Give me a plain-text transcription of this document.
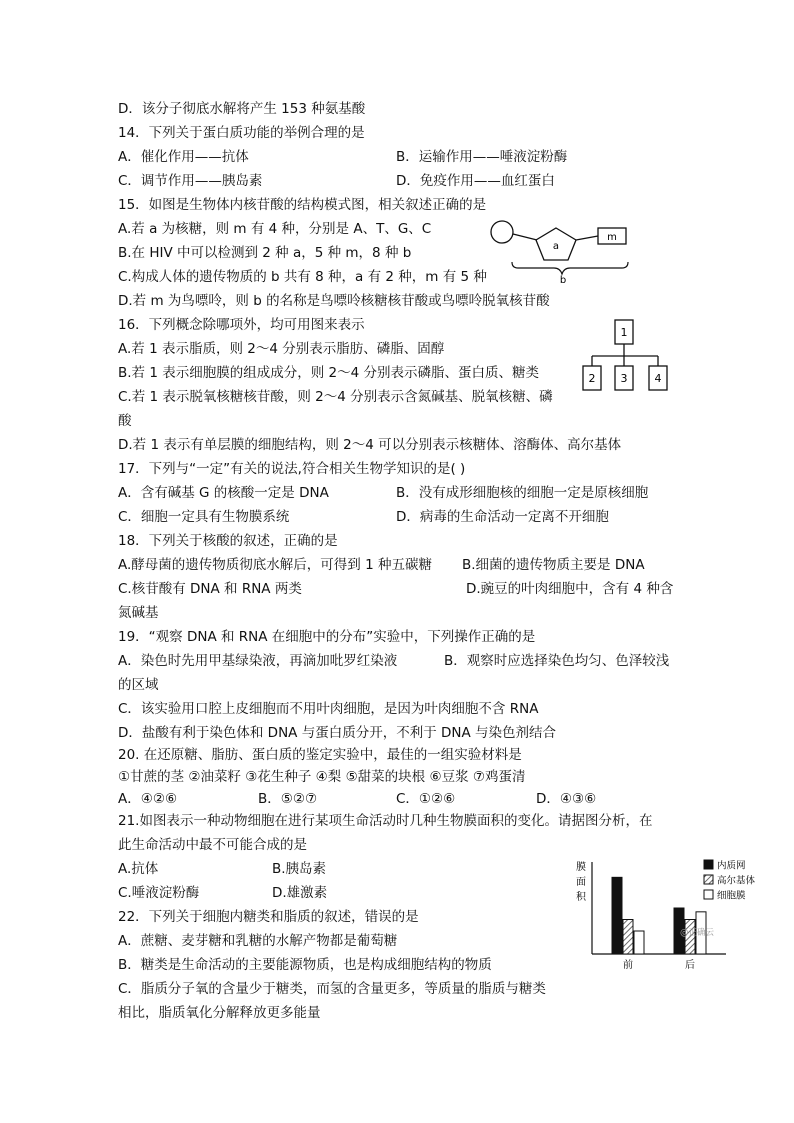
D．该分子彻底水解将产生 153 种氨基酸
14．下列关于蛋白质功能的举例合理的是
A．催化作用——抗体	B．运输作用——唾液淀粉酶
C．调节作用——胰岛素	D．免疫作用——血红蛋白
15．如图是生物体内核苷酸的结构模式图，相关叙述正确的是
A.若 a 为核糖，则 m 有 4 种，分别是 A、T、G、C
B.在 HIV 中可以检测到 2 种 a，5 种 m，8 种 b
C.构成人体的遗传物质的 b 共有 8 种，a 有 2 种，m 有 5 种
D.若 m 为鸟嘌呤，则 b 的名称是鸟嘌呤核糖核苷酸或鸟嘌呤脱氧核苷酸
a
m
b
16．下列概念除哪项外，均可用图来表示
A.若 1 表示脂质，则 2～4 分别表示脂肪、磷脂、固醇
B.若 1 表示细胞膜的组成成分，则 2～4 分别表示磷脂、蛋白质、糖类
C.若 1 表示脱氧核糖核苷酸，则 2～4 分别表示含氮碱基、脱氧核糖、磷
酸
D.若 1 表示有单层膜的细胞结构，则 2～4 可以分别表示核糖体、溶酶体、高尔基体
1
2 3 4
17．下列与“一定”有关的说法,符合相关生物学知识的是( )
A．含有碱基 G 的核酸一定是 DNA	B．没有成形细胞核的细胞一定是原核细胞
C．细胞一定具有生物膜系统	D．病毒的生命活动一定离不开细胞
18．下列关于核酸的叙述，正确的是
A.酵母菌的遗传物质彻底水解后，可得到 1 种五碳糖 B.细菌的遗传物质主要是 DNA
C.核苷酸有 DNA 和 RNA 两类	D.豌豆的叶肉细胞中，含有 4 种含
氮碱基
19．“观察 DNA 和 RNA 在细胞中的分布”实验中，下列操作正确的是
A．染色时先用甲基绿染液，再滴加吡罗红染液	B．观察时应选择染色均匀、色泽较浅
的区域
C．该实验用口腔上皮细胞而不用叶肉细胞，是因为叶肉细胞不含 RNA
D．盐酸有利于染色体和 DNA 与蛋白质分开，不利于 DNA 与染色剂结合
20. 在还原糖、脂肪、蛋白质的鉴定实验中，最佳的一组实验材料是
①甘蔗的茎 ②油菜籽 ③花生种子 ④梨 ⑤甜菜的块根 ⑥豆浆 ⑦鸡蛋清
A．④②⑥	B．⑤②⑦	C．①②⑥	D．④③⑥
21.如图表示一种动物细胞在进行某项生命活动时几种生物膜面积的变化。请据图分析，在
此生命活动中最不可能合成的是
A.抗体	B.胰岛素
C.唾液淀粉酶	D.雄激素
22．下列关于细胞内糖类和脂质的叙述，错误的是
A．蔗糖、麦芽糖和乳糖的水解产物都是葡萄糖
B．糖类是生命活动的主要能源物质，也是构成细胞结构的物质
C．脂质分子氧的含量少于糖类，而氢的含量更多，等质量的脂质与糖类
相比，脂质氧化分解释放更多能量
膜
面
积
前	后
内质网
高尔基体
细胞膜
@正确云
